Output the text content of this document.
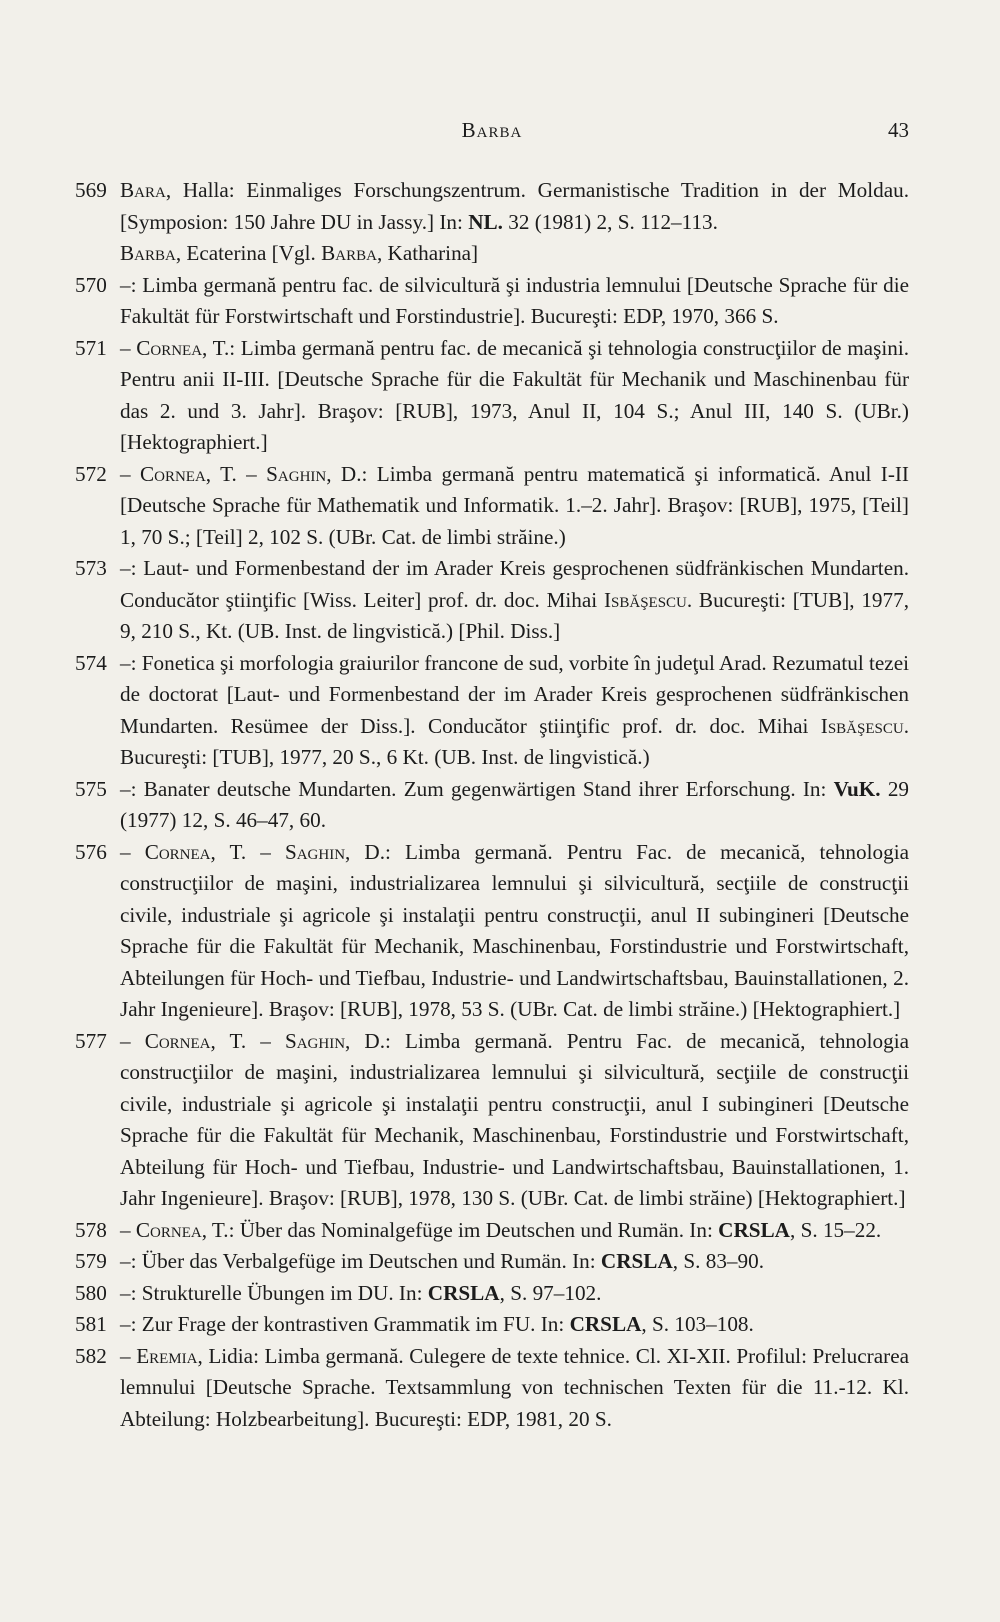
Barba	43

569 Bara, Halla: Einmaliges Forschungszentrum. Germanistische Tradition in der Moldau. [Symposion: 150 Jahre DU in Jassy.] In: NL. 32 (1981) 2, S. 112–113.

Barba, Ecaterina [Vgl. Barba, Katharina]

570 –: Limba germană pentru fac. de silvicultură şi industria lemnului [Deutsche Sprache für die Fakultät für Forstwirtschaft und Forstindustrie]. Bucureşti: EDP, 1970, 366 S.

571 – Cornea, T.: Limba germană pentru fac. de mecanică şi tehnologia construcţiilor de maşini. Pentru anii II-III. [Deutsche Sprache für die Fakultät für Mechanik und Maschinenbau für das 2. und 3. Jahr]. Braşov: [RUB], 1973, Anul II, 104 S.; Anul III, 140 S. (UBr.) [Hektographiert.]

572 – Cornea, T. – Saghin, D.: Limba germană pentru matematică şi informatică. Anul I-II [Deutsche Sprache für Mathematik und Informatik. 1.–2. Jahr]. Braşov: [RUB], 1975, [Teil] 1, 70 S.; [Teil] 2, 102 S. (UBr. Cat. de limbi străine.)

573 –: Laut- und Formenbestand der im Arader Kreis gesprochenen südfränkischen Mundarten. Conducător ştiinţific [Wiss. Leiter] prof. dr. doc. Mihai Isbăşescu. Bucureşti: [TUB], 1977, 9, 210 S., Kt. (UB. Inst. de lingvistică.) [Phil. Diss.]

574 –: Fonetica şi morfologia graiurilor francone de sud, vorbite în judeţul Arad. Rezumatul tezei de doctorat [Laut- und Formenbestand der im Arader Kreis gesprochenen südfränkischen Mundarten. Resümee der Diss.]. Conducător ştiinţific prof. dr. doc. Mihai Isbăşescu. Bucureşti: [TUB], 1977, 20 S., 6 Kt. (UB. Inst. de lingvistică.)

575 –: Banater deutsche Mundarten. Zum gegenwärtigen Stand ihrer Erforschung. In: VuK. 29 (1977) 12, S. 46–47, 60.

576 – Cornea, T. – Saghin, D.: Limba germană. Pentru Fac. de mecanică, tehnologia construcţiilor de maşini, industrializarea lemnului şi silvicultură, secţiile de construcţii civile, industriale şi agricole şi instalaţii pentru construcţii, anul II subingineri [Deutsche Sprache für die Fakultät für Mechanik, Maschinenbau, Forstindustrie und Forstwirtschaft, Abteilungen für Hoch- und Tiefbau, Industrie- und Landwirtschaftsbau, Bauinstallationen, 2. Jahr Ingenieure]. Braşov: [RUB], 1978, 53 S. (UBr. Cat. de limbi străine.) [Hektographiert.]

577 – Cornea, T. – Saghin, D.: Limba germană. Pentru Fac. de mecanică, tehnologia construcţiilor de maşini, industrializarea lemnului şi silvicultură, secţiile de construcţii civile, industriale şi agricole şi instalaţii pentru construcţii, anul I subingineri [Deutsche Sprache für die Fakultät für Mechanik, Maschinenbau, Forstindustrie und Forstwirtschaft, Abteilung für Hoch- und Tiefbau, Industrie- und Landwirtschaftsbau, Bauinstallationen, 1. Jahr Ingenieure]. Braşov: [RUB], 1978, 130 S. (UBr. Cat. de limbi străine) [Hektographiert.]

578 – Cornea, T.: Über das Nominalgefüge im Deutschen und Rumän. In: CRSLA, S. 15–22.

579 –: Über das Verbalgefüge im Deutschen und Rumän. In: CRSLA, S. 83–90.

580 –: Strukturelle Übungen im DU. In: CRSLA, S. 97–102.

581 –: Zur Frage der kontrastiven Grammatik im FU. In: CRSLA, S. 103–108.

582 – Eremia, Lidia: Limba germană. Culegere de texte tehnice. Cl. XI-XII. Profilul: Prelucrarea lemnului [Deutsche Sprache. Textsammlung von technischen Texten für die 11.-12. Kl. Abteilung: Holzbearbeitung]. Bucureşti: EDP, 1981, 20 S.
